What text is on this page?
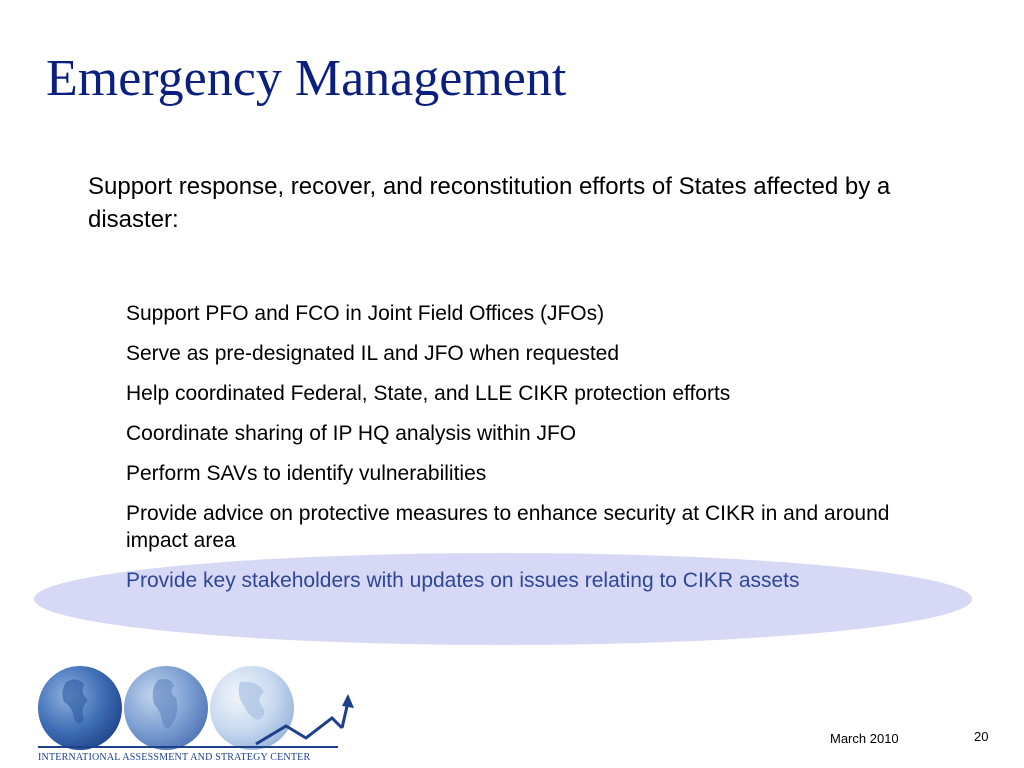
Emergency Management
Support response, recover, and reconstitution efforts of States affected by a disaster:
Support PFO and FCO in Joint Field Offices (JFOs)
Serve as pre-designated IL and JFO when requested
Help coordinated Federal, State, and LLE CIKR protection efforts
Coordinate sharing of IP HQ analysis within JFO
Perform SAVs to identify vulnerabilities
Provide advice on protective measures to enhance security at CIKR in and around impact area
Provide key stakeholders with updates on issues relating to CIKR assets
INTERNATIONAL ASSESSMENT AND STRATEGY CENTER
March 2010	20
